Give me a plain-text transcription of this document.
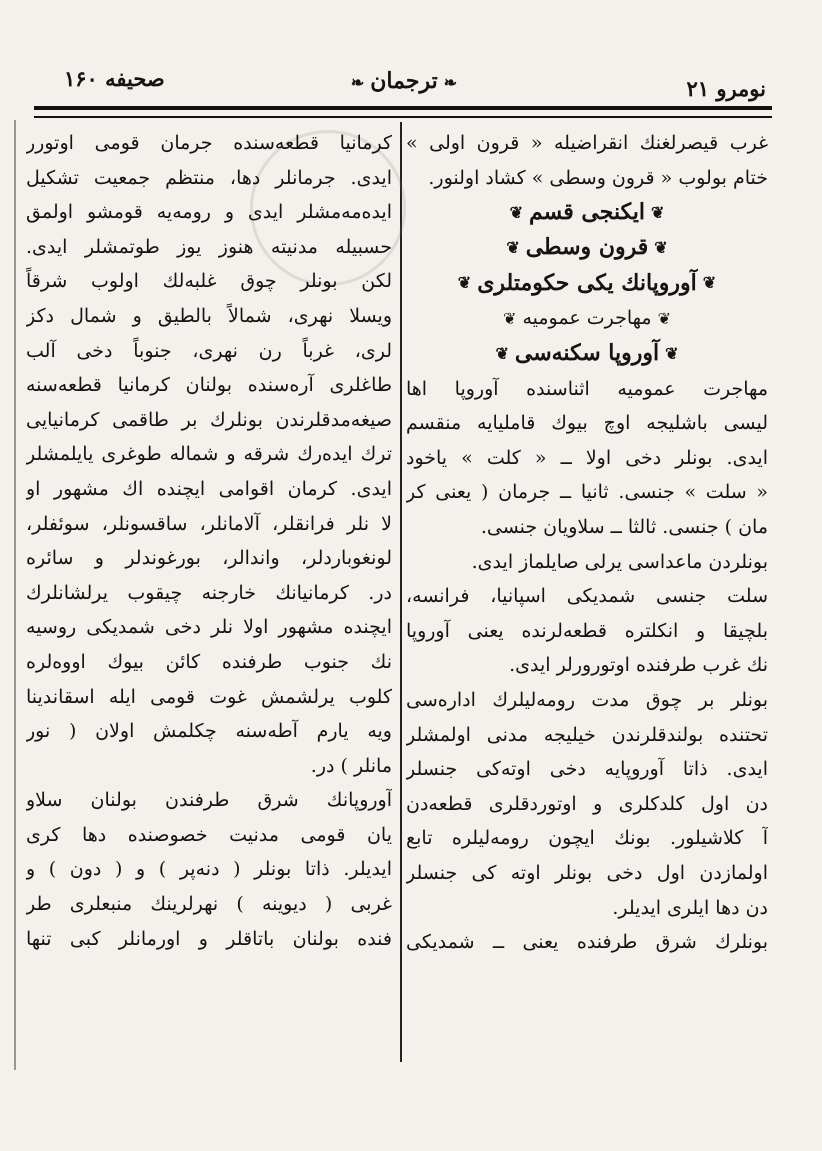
صحیفه ۱۶۰	❧ترجمان❧	نومرو ۲۱
غرب قیصرلغنك انقراضیله « قرون اولی »
ختام بولوب « قرون وسطی » كشاد اولنور.
❦ایكنجی قسم❦
❦قرون وسطی❦
❦آوروپانك یكی حكومتلری❦
❦مهاجرت عمومیه❦
❦آوروپا سكنه‌سی❦
مهاجرت عمومیه اثناسنده آوروپا اها
لیسی باشلیجه اوچ بیوك قاملیایه منقسم
ایدی. بونلر دخی اولا ــ « كلت » یاخود
« سلت » جنسی. ثانیا ــ جرمان ( یعنی كر
مان ) جنسی. ثالثا ــ سلاویان جنسی.
بونلردن ماعداسی یرلی صایلماز ایدی.
سلت جنسی شمدیكی اسپانیا، فرانسه،
بلچیقا و انكلتره قطعه‌لرنده یعنی آوروپا
نك غرب طرفنده اوتورورلر ایدی.
بونلر بر چوق مدت رومه‌لیلرك اداره‌سی
تحتنده بولندقلرندن خیلیجه مدنی اولمشلر
ایدی. ذاتا آوروپایه دخی اوته‌كی جنسلر
دن اول كلدكلری و اوتوردقلری قطعه‌دن
آ كلاشیلور. بونك ایچون رومه‌لیلره تابع
اولمازدن اول دخی بونلر اوته كی جنسلر
دن دها ایلری ایدیلر.
بونلرك شرق طرفنده یعنی ــ شمدیكی
كرمانیا قطعه‌سنده جرمان قومی اوتورر
ایدی. جرمانلر دها، منتظم جمعیت تشكیل
ایده‌مه‌مشلر ایدی و رومه‌یه قومشو اولمق
حسبیله مدنیته هنوز یوز طوتمشلر ایدی.
لكن بونلر چوق غلبه‌لك اولوب شرقاً
ویسلا نهری، شمالاً بالطیق و شمال دكز
لری، غرباً رن نهری، جنوباً دخی آلب
طاغلری آره‌سنده بولنان كرمانیا قطعه‌سنه
صیغه‌مدقلرندن بونلرك بر طاقمی كرمانیایی
ترك ایده‌رك شرقه و شماله طوغری یایلمشلر
ایدی. كرمان اقوامی ایچنده اك مشهور او
لا نلر فرانقلر، آلامانلر، ساقسونلر، سوئفلر،
لونغوباردلر، واندالر، بورغوندلر و سائره
در. كرمانیانك خارجنه چیقوب یرلشانلرك
ایچنده مشهور اولا نلر دخی شمدیكی روسیه
نك جنوب طرفنده كائن بیوك اووه‌لره
كلوب یرلشمش غوت قومی ایله اسقاندینا
ویه یارم آطه‌سنه چكلمش اولان ( نور
مانلر ) در.
آوروپانك شرق طرفندن بولنان سلاو
یان قومی مدنیت خصوصنده دها كری
ایدیلر. ذاتا بونلر ( دنه‌پر ) و ( دون ) و
غربی ( دیوینه ) نهرلرینك منبعلری طر
فنده بولنان باتاقلر و اورمانلر كبی تنها
